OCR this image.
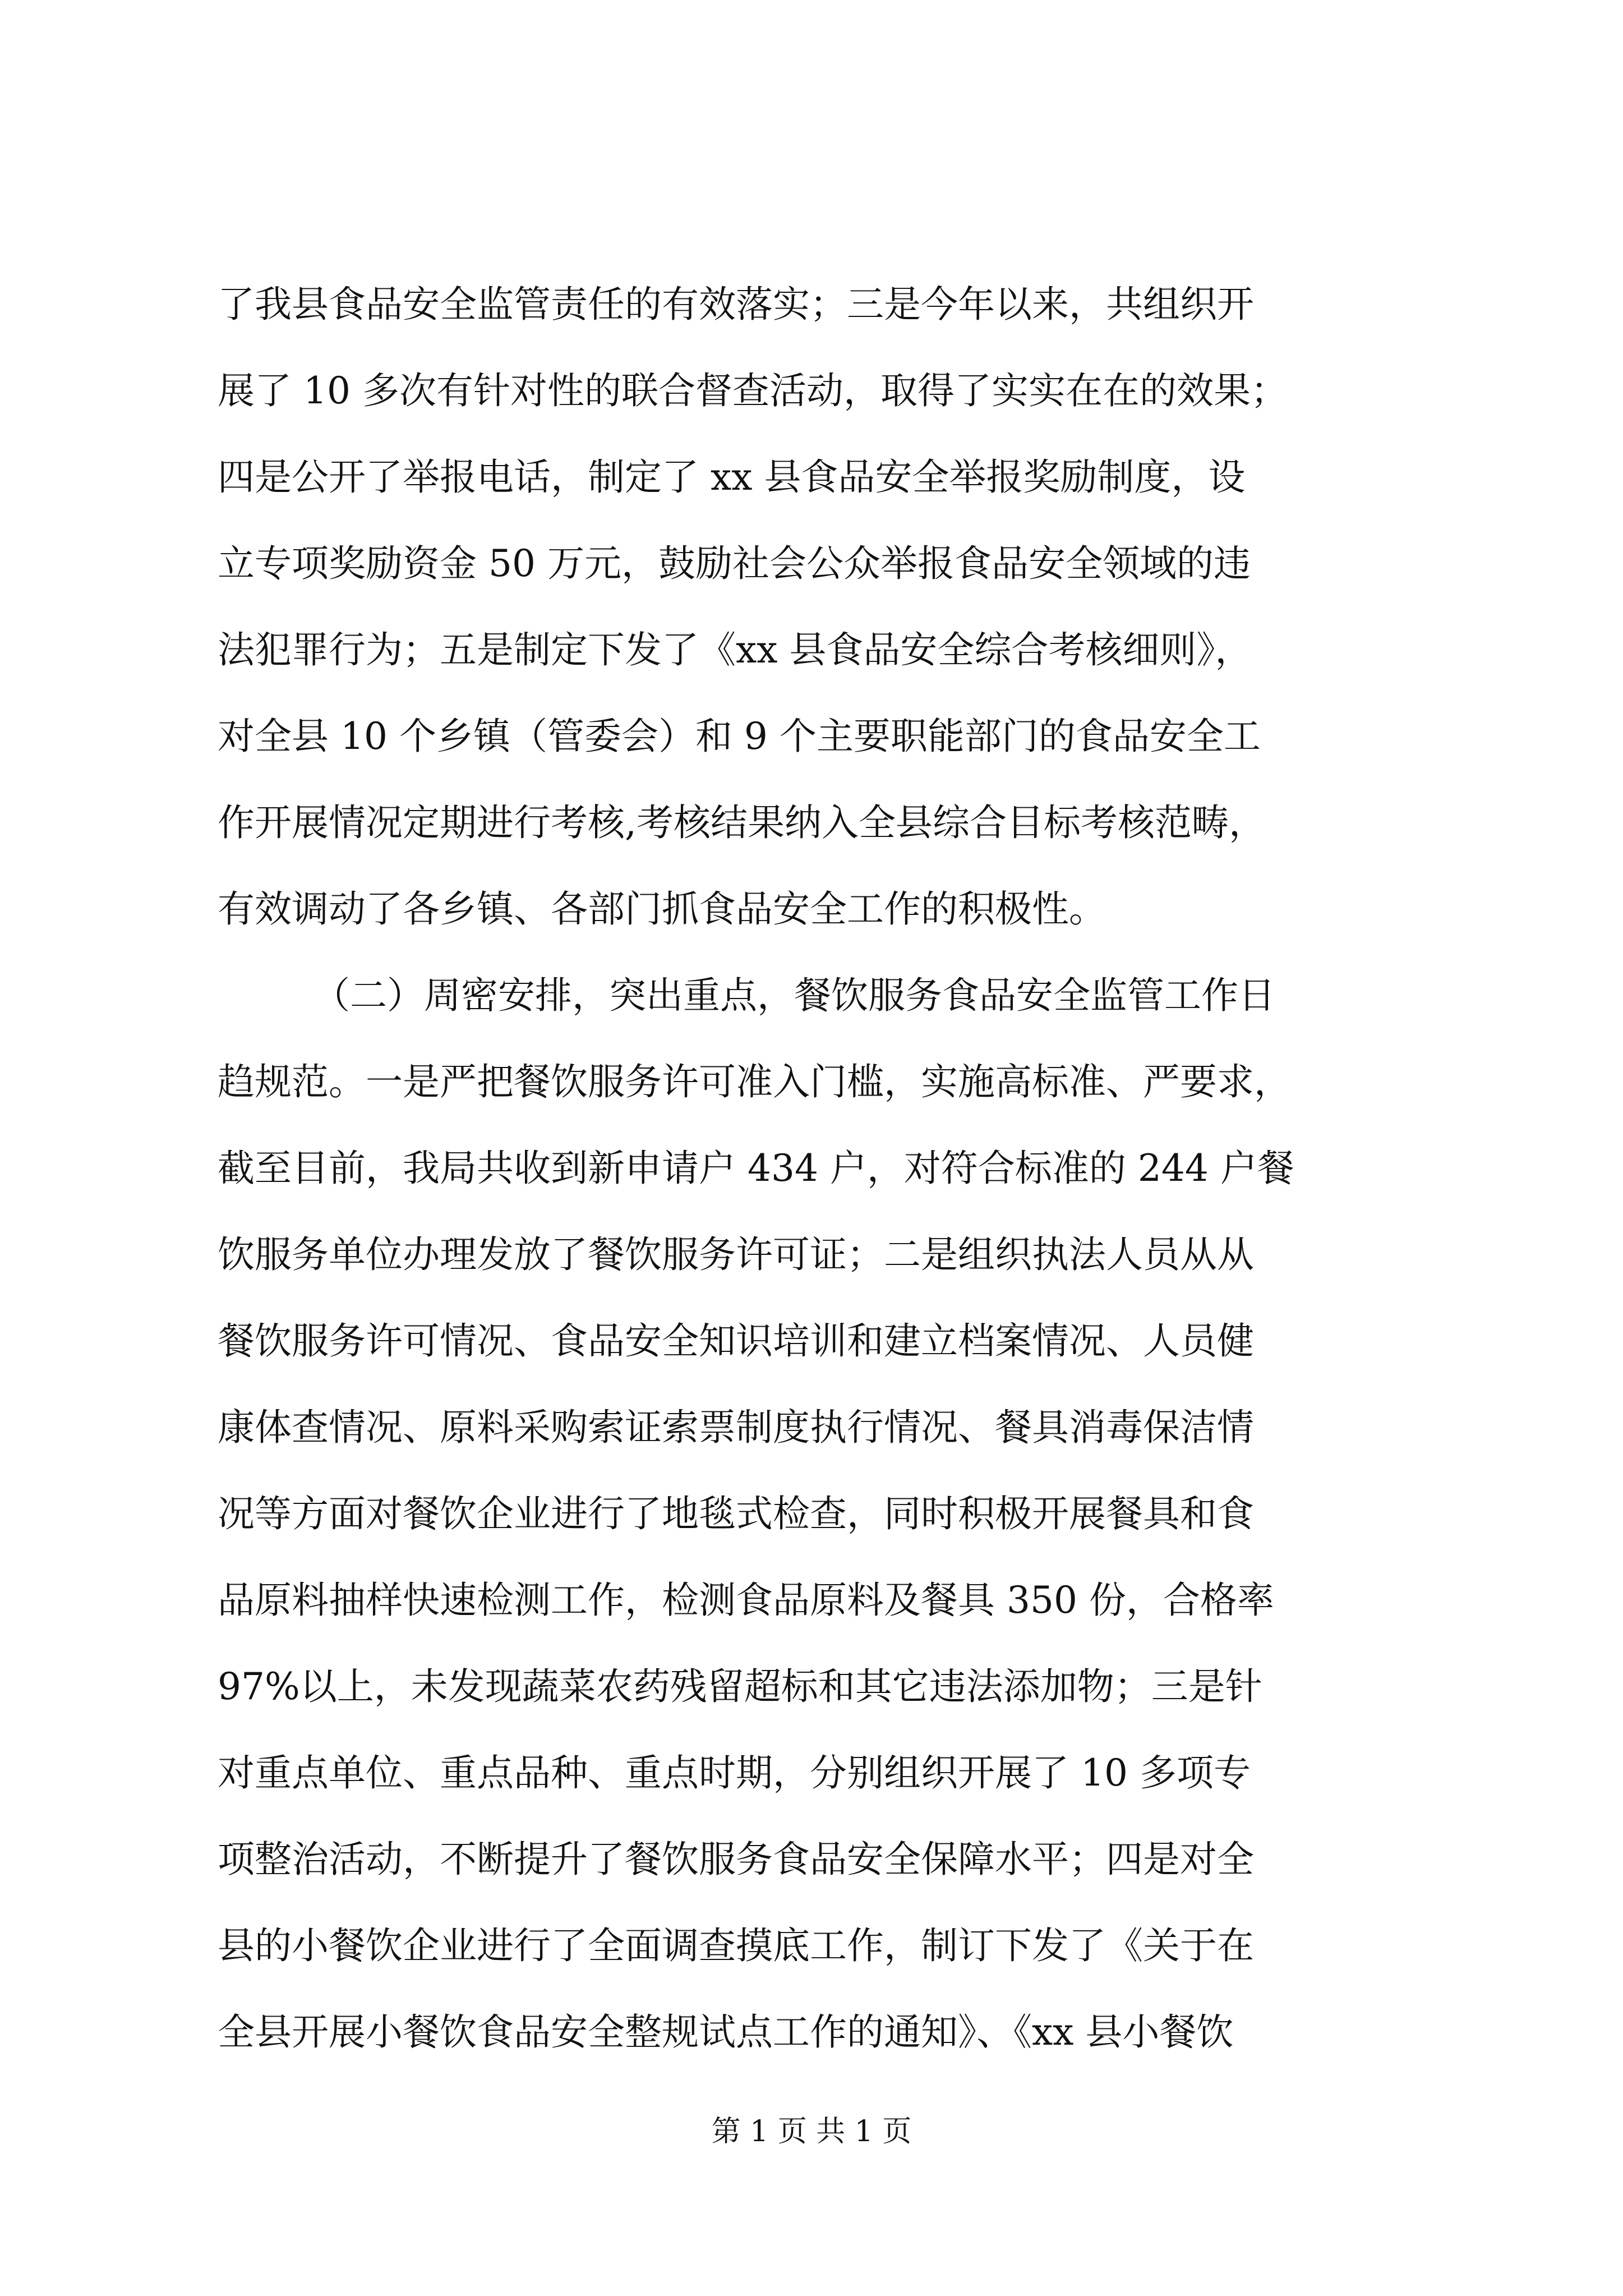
了我县食品安全监管责任的有效落实；三是今年以来，共组织开
展了 10 多次有针对性的联合督查活动，取得了实实在在的效果；
四是公开了举报电话，制定了 xx 县食品安全举报奖励制度，设
立专项奖励资金 50 万元，鼓励社会公众举报食品安全领域的违
法犯罪行为；五是制定下发了《xx 县食品安全综合考核细则》，
对全县 10 个乡镇（管委会）和 9 个主要职能部门的食品安全工
作开展情况定期进行考核,考核结果纳入全县综合目标考核范畴，
有效调动了各乡镇、各部门抓食品安全工作的积极性。
（二）周密安排，突出重点，餐饮服务食品安全监管工作日
趋规范。一是严把餐饮服务许可准入门槛，实施高标准、严要求，
截至目前，我局共收到新申请户 434 户，对符合标准的 244 户餐
饮服务单位办理发放了餐饮服务许可证；二是组织执法人员从从
餐饮服务许可情况、食品安全知识培训和建立档案情况、人员健
康体查情况、原料采购索证索票制度执行情况、餐具消毒保洁情
况等方面对餐饮企业进行了地毯式检查，同时积极开展餐具和食
品原料抽样快速检测工作，检测食品原料及餐具 350 份，合格率
97%以上，未发现蔬菜农药残留超标和其它违法添加物；三是针
对重点单位、重点品种、重点时期，分别组织开展了 10 多项专
项整治活动，不断提升了餐饮服务食品安全保障水平；四是对全
县的小餐饮企业进行了全面调查摸底工作，制订下发了《关于在
全县开展小餐饮食品安全整规试点工作的通知》、《xx 县小餐饮
第 1 页 共 1 页
